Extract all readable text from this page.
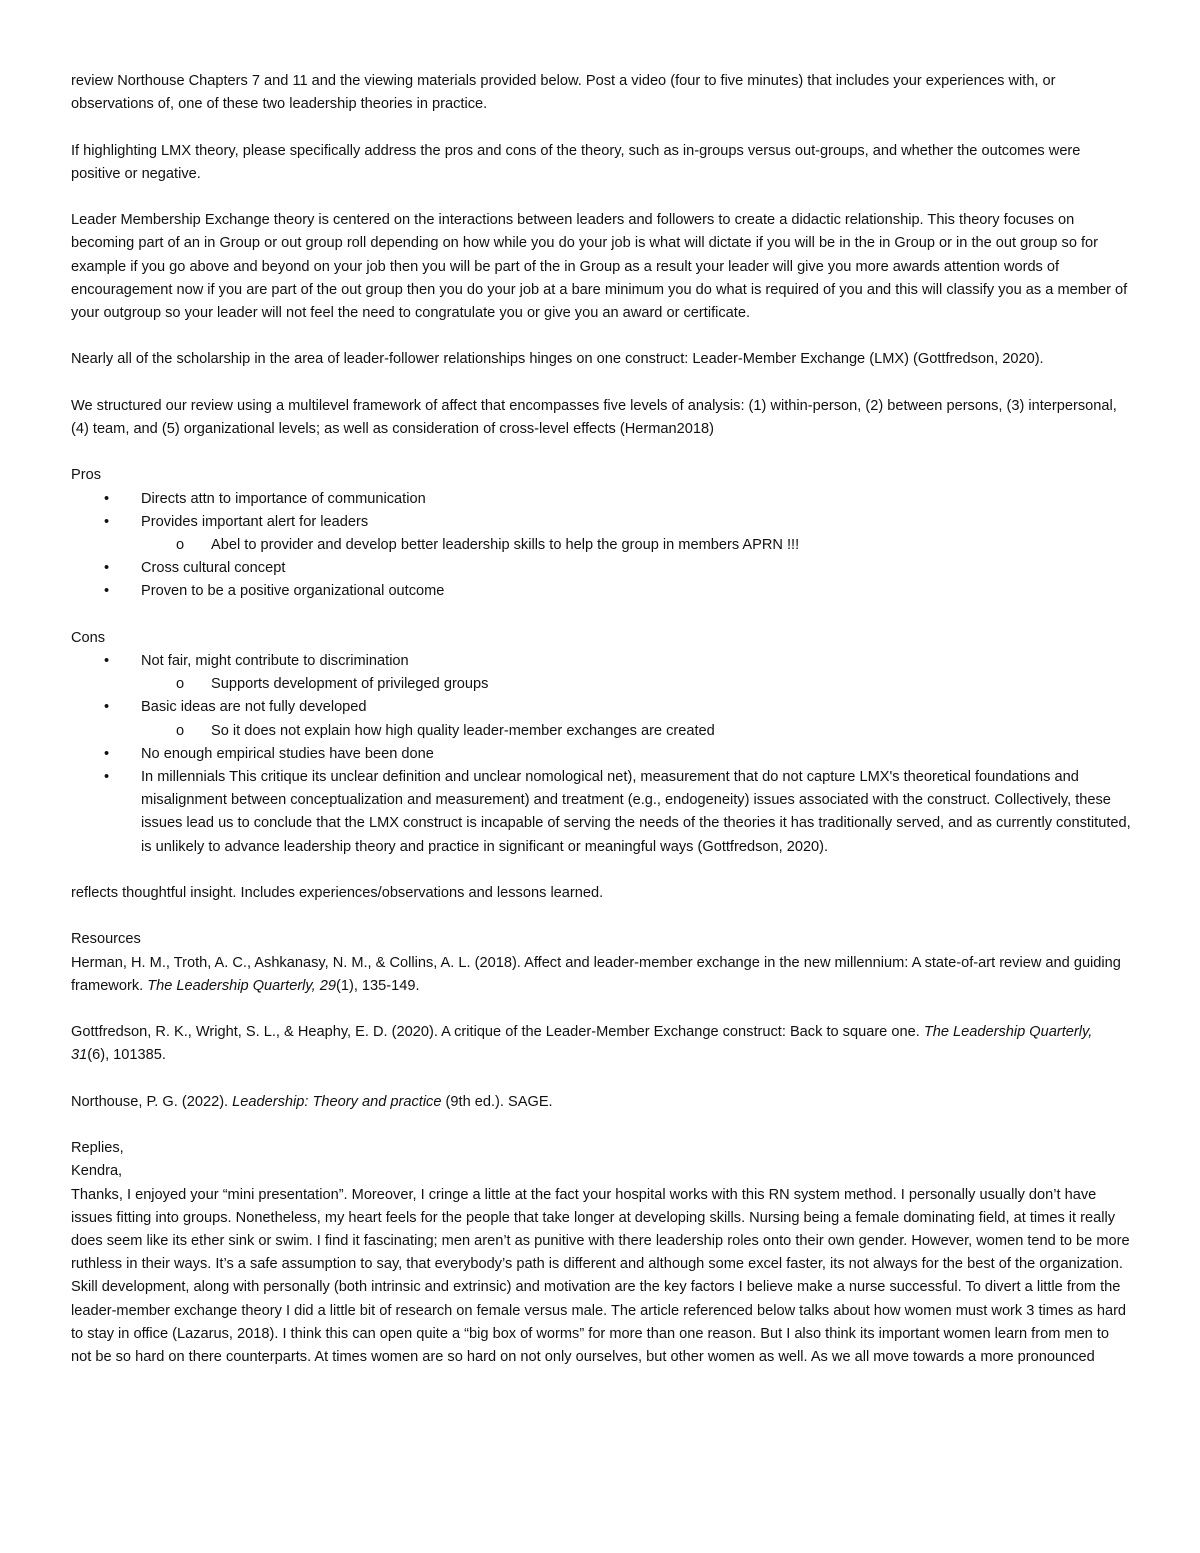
review Northouse Chapters 7 and 11 and the viewing materials provided below. Post a video (four to five minutes) that includes your experiences with, or observations of, one of these two leadership theories in practice.

If highlighting LMX theory, please specifically address the pros and cons of the theory, such as in-groups versus out-groups, and whether the outcomes were positive or negative.

Leader Membership Exchange theory is centered on the interactions between leaders and followers to create a didactic relationship. This theory focuses on becoming part of an in Group or out group roll depending on how while you do your job is what will dictate if you will be in the in Group or in the out group so for example if you go above and beyond on your job then you will be part of the in Group as a result your leader will give you more awards attention words of encouragement now if you are part of the out group then you do your job at a bare minimum you do what is required of you and this will classify you as a member of your outgroup so your leader will not feel the need to congratulate you or give you an award or certificate.

Nearly all of the scholarship in the area of leader-follower relationships hinges on one construct: Leader-Member Exchange (LMX) (Gottfredson, 2020).

We structured our review using a multilevel framework of affect that encompasses five levels of analysis: (1) within-person, (2) between persons, (3) interpersonal, (4) team, and (5) organizational levels; as well as consideration of cross-level effects (Herman2018)

Pros

• Directs attn to importance of communication
• Provides important alert for leaders
o Abel to provider and develop better leadership skills to help the group in members APRN !!!
• Cross cultural concept
• Proven to be a positive organizational outcome

Cons

• Not fair, might contribute to discrimination
o Supports development of privileged groups
• Basic ideas are not fully developed
o So it does not explain how high quality leader-member exchanges are created
• No enough empirical studies have been done
• In millennials This critique its unclear definition and unclear nomological net), measurement that do not capture LMX's theoretical foundations and misalignment between conceptualization and measurement) and treatment (e.g., endogeneity) issues associated with the construct. Collectively, these issues lead us to conclude that the LMX construct is incapable of serving the needs of the theories it has traditionally served, and as currently constituted, is unlikely to advance leadership theory and practice in significant or meaningful ways (Gottfredson, 2020).

reflects thoughtful insight. Includes experiences/observations and lessons learned.

Resources

Herman, H. M., Troth, A. C., Ashkanasy, N. M., & Collins, A. L. (2018). Affect and leader-member exchange in the new millennium: A state-of-art review and guiding framework. The Leadership Quarterly, 29(1), 135-149.

Gottfredson, R. K., Wright, S. L., & Heaphy, E. D. (2020). A critique of the Leader-Member Exchange construct: Back to square one. The Leadership Quarterly, 31(6), 101385.

Northouse, P. G. (2022). Leadership: Theory and practice (9th ed.). SAGE.

Replies,

Kendra,

Thanks, I enjoyed your “mini presentation”. Moreover, I cringe a little at the fact your hospital works with this RN system method. I personally usually don’t have issues fitting into groups. Nonetheless, my heart feels for the people that take longer at developing skills. Nursing being a female dominating field, at times it really does seem like its ether sink or swim. I find it fascinating; men aren’t as punitive with there leadership roles onto their own gender. However, women tend to be more ruthless in their ways. It’s a safe assumption to say, that everybody’s path is different and although some excel faster, its not always for the best of the organization. Skill development, along with personally (both intrinsic and extrinsic) and motivation are the key factors I believe make a nurse successful. To divert a little from the leader-member exchange theory I did a little bit of research on female versus male. The article referenced below talks about how women must work 3 times as hard to stay in office (Lazarus, 2018). I think this can open quite a “big box of worms” for more than one reason. But I also think its important women learn from men to not be so hard on there counterparts. At times women are so hard on not only ourselves, but other women as well. As we all move towards a more pronounced
